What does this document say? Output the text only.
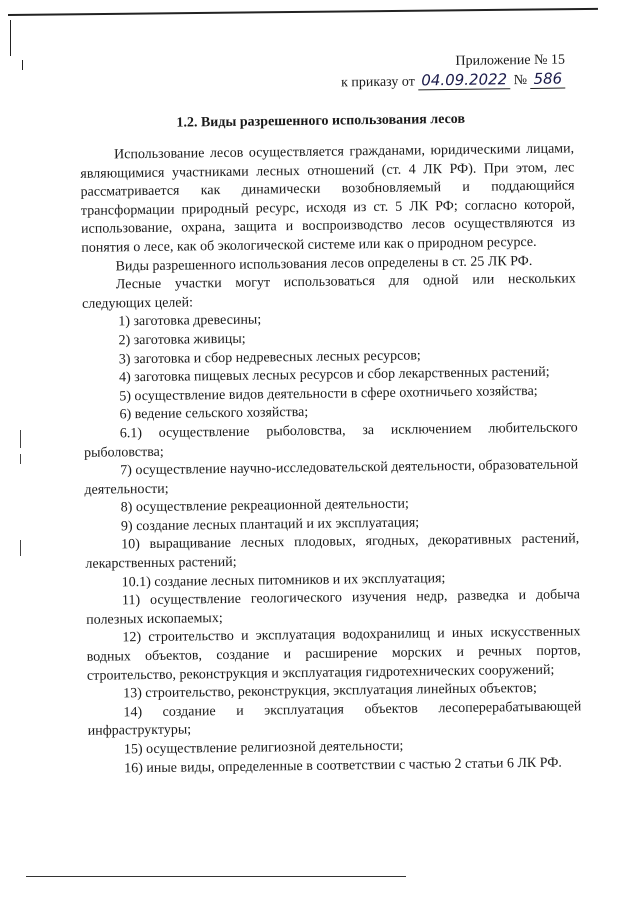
Приложение № 15
к приказу от 04.09.2022 № 586
1.2. Виды разрешенного использования лесов

Использование лесов осуществляется гражданами, юридическими лицами, являющимися участниками лесных отношений (ст. 4 ЛК РФ). При этом, лес рассматривается как динамически возобновляемый и поддающийся трансформации природный ресурс, исходя из ст. 5 ЛК РФ; согласно которой, использование, охрана, защита и воспроизводство лесов осуществляются из понятия о лесе, как об экологической системе или как о природном ресурсе.

Виды разрешенного использования лесов определены в ст. 25 ЛК РФ.

Лесные участки могут использоваться для одной или нескольких следующих целей:

1) заготовка древесины;

2) заготовка живицы;

3) заготовка и сбор недревесных лесных ресурсов;

4) заготовка пищевых лесных ресурсов и сбор лекарственных растений;

5) осуществление видов деятельности в сфере охотничьего хозяйства;

6) ведение сельского хозяйства;

6.1) осуществление рыболовства, за исключением любительского рыболовства;

7) осуществление научно-исследовательской деятельности, образовательной деятельности;

8) осуществление рекреационной деятельности;

9) создание лесных плантаций и их эксплуатация;

10) выращивание лесных плодовых, ягодных, декоративных растений, лекарственных растений;

10.1) создание лесных питомников и их эксплуатация;

11) осуществление геологического изучения недр, разведка и добыча полезных ископаемых;

12) строительство и эксплуатация водохранилищ и иных искусственных водных объектов, создание и расширение морских и речных портов, строительство, реконструкция и эксплуатация гидротехнических сооружений;

13) строительство, реконструкция, эксплуатация линейных объектов;

14) создание и эксплуатация объектов лесоперерабатывающей инфраструктуры;

15) осуществление религиозной деятельности;

16) иные виды, определенные в соответствии с частью 2 статьи 6 ЛК РФ.
